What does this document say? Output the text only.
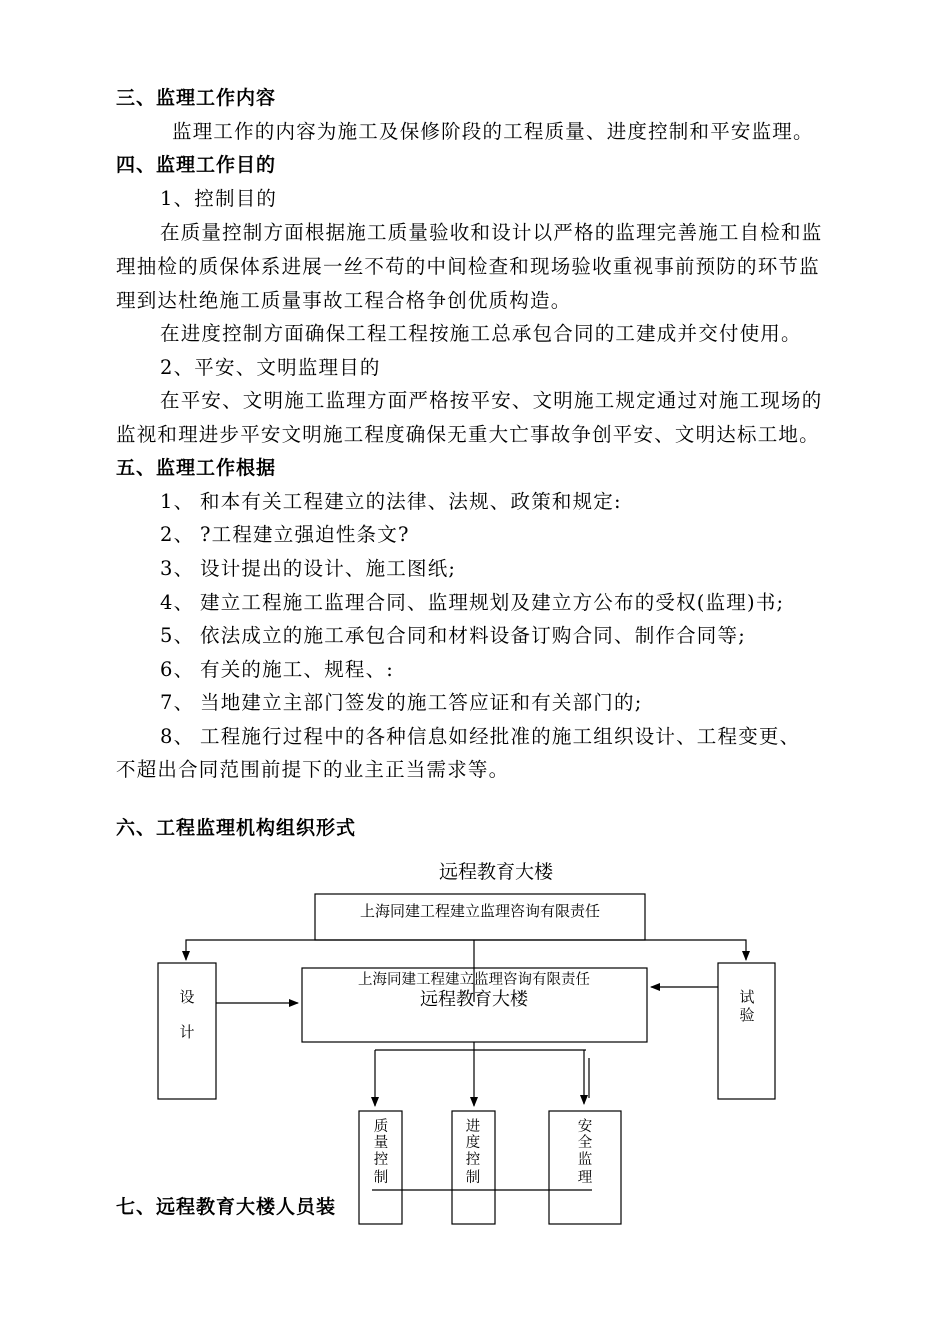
三、监理工作内容
监理工作的内容为施工及保修阶段的工程质量、进度控制和平安监理。
四、监理工作目的
1、控制目的
在质量控制方面根据施工质量验收和设计以严格的监理完善施工自检和监
理抽检的质保体系进展一丝不苟的中间检查和现场验收重视事前预防的环节监
理到达杜绝施工质量事故工程合格争创优质构造。
在进度控制方面确保工程工程按施工总承包合同的工建成并交付使用。
2、平安、文明监理目的
在平安、文明施工监理方面严格按平安、文明施工规定通过对施工现场的
监视和理进步平安文明施工程度确保无重大亡事故争创平安、文明达标工地。
五、监理工作根据
1、 和本有关工程建立的法律、法规、政策和规定:
2、 ?工程建立强迫性条文?
3、 设计提出的设计、施工图纸;
4、 建立工程施工监理合同、监理规划及建立方公布的受权(监理)书;
5、 依法成立的施工承包合同和材料设备订购合同、制作合同等;
6、 有关的施工、规程、:
7、 当地建立主部门签发的施工答应证和有关部门的;
8、 工程施行过程中的各种信息如经批准的施工组织设计、工程变更、
不超出合同范围前提下的业主正当需求等。
六、工程监理机构组织形式
远程教育大楼
上海同建工程建立监理咨询有限责任
上海同建工程建立监理咨询有限责任
远程教育大楼
设
计
试
验
质
量
控
制
进
度
控
制
安
全
监
理
七、远程教育大楼人员装
